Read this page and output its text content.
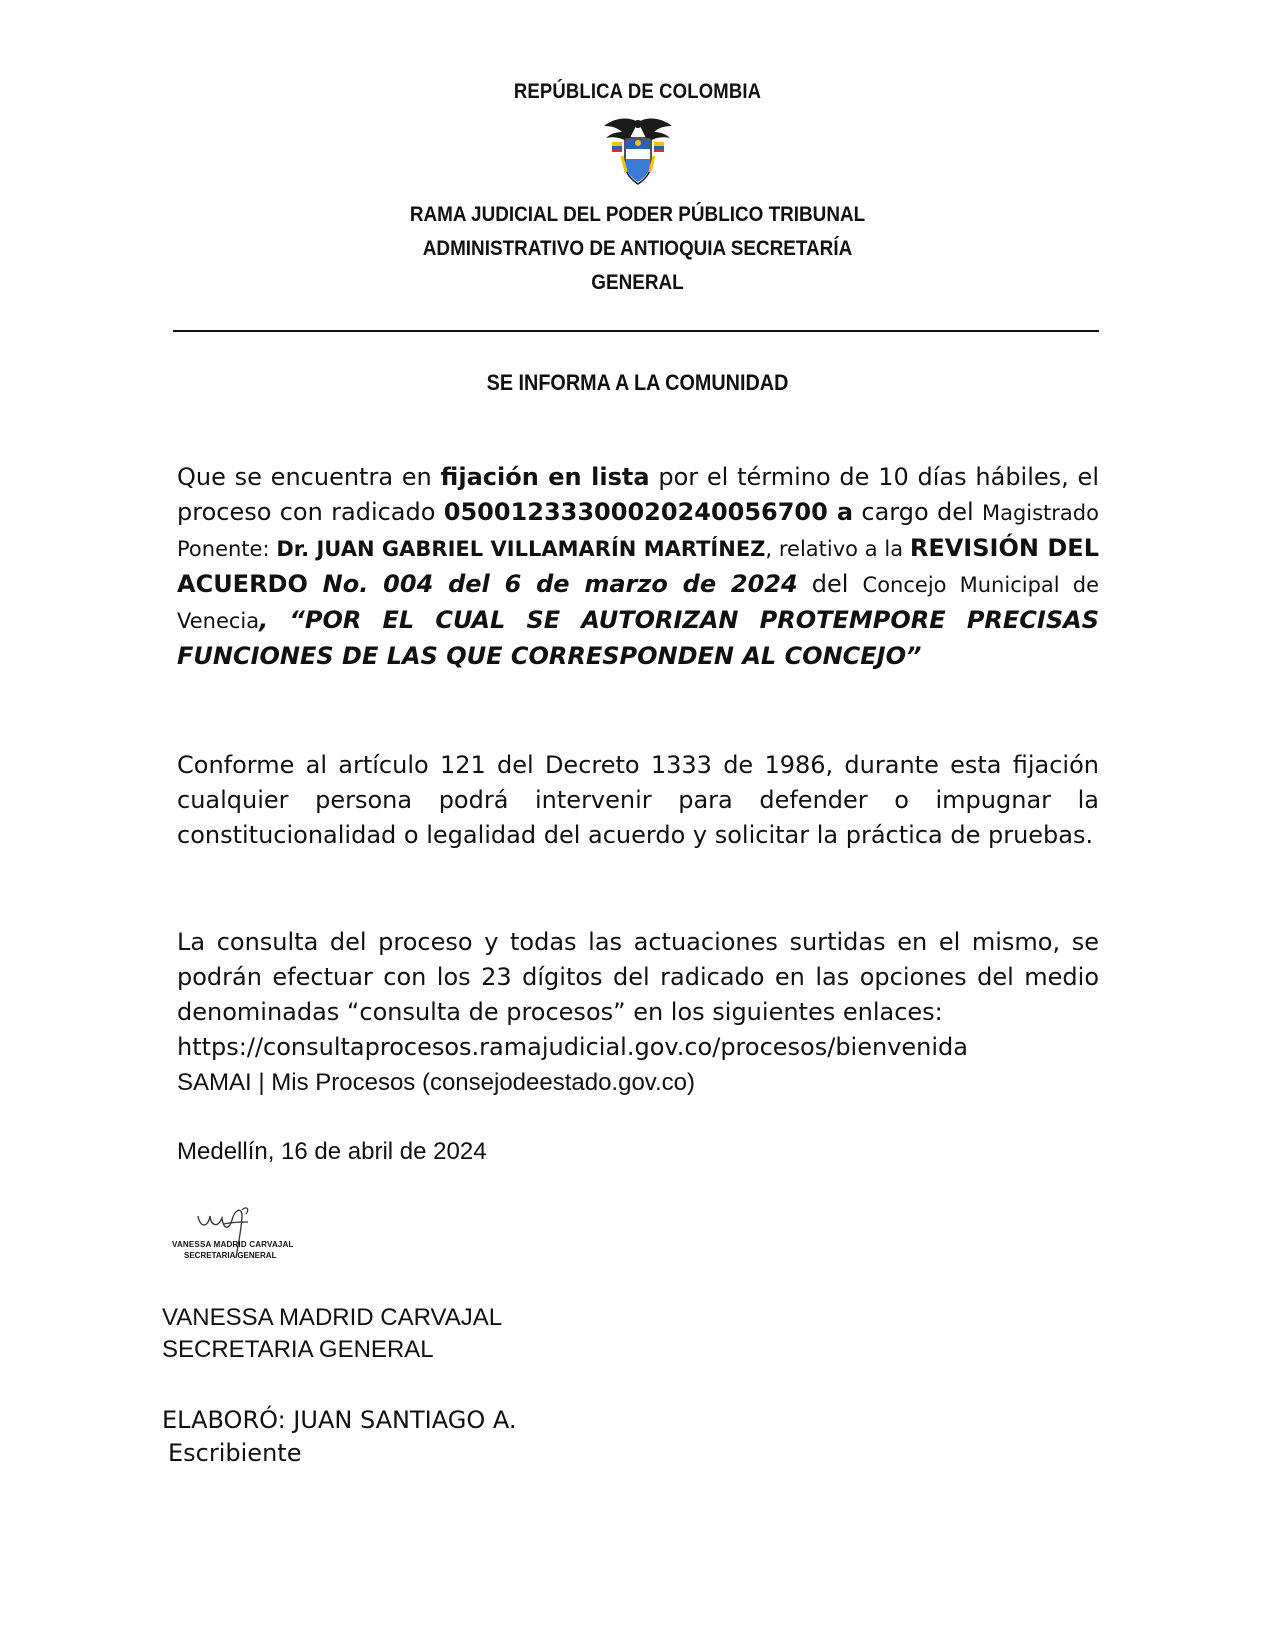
REPÚBLICA DE COLOMBIA

RAMA JUDICIAL DEL PODER PÚBLICO TRIBUNAL
ADMINISTRATIVO DE ANTIOQUIA SECRETARÍA
GENERAL
SE INFORMA A LA COMUNIDAD

Que se encuentra en fijación en lista por el término de 10 días hábiles, el proceso con radicado 05001233300020240056700 a cargo del Magistrado Ponente: Dr. JUAN GABRIEL VILLAMARÍN MARTÍNEZ, relativo a la REVISIÓN DEL ACUERDO No. 004 del 6 de marzo de 2024 del Concejo Municipal de Venecia, “POR EL CUAL SE AUTORIZAN PROTEMPORE PRECISAS FUNCIONES DE LAS QUE CORRESPONDEN AL CONCEJO”

Conforme al artículo 121 del Decreto 1333 de 1986, durante esta fijación cualquier persona podrá intervenir para defender o impugnar la constitucionalidad o legalidad del acuerdo y solicitar la práctica de pruebas.

La consulta del proceso y todas las actuaciones surtidas en el mismo, se podrán efectuar con los 23 dígitos del radicado en las opciones del medio denominadas “consulta de procesos” en los siguientes enlaces:
https://consultaprocesos.ramajudicial.gov.co/procesos/bienvenida
SAMAI | Mis Procesos (consejodeestado.gov.co)

Medellín, 16 de abril de 2024
VANESSA MADRID CARVAJAL
SECRETARIA GENERAL
VANESSA MADRID CARVAJAL
SECRETARIA GENERAL
ELABORÓ: JUAN SANTIAGO A.
Escribiente
